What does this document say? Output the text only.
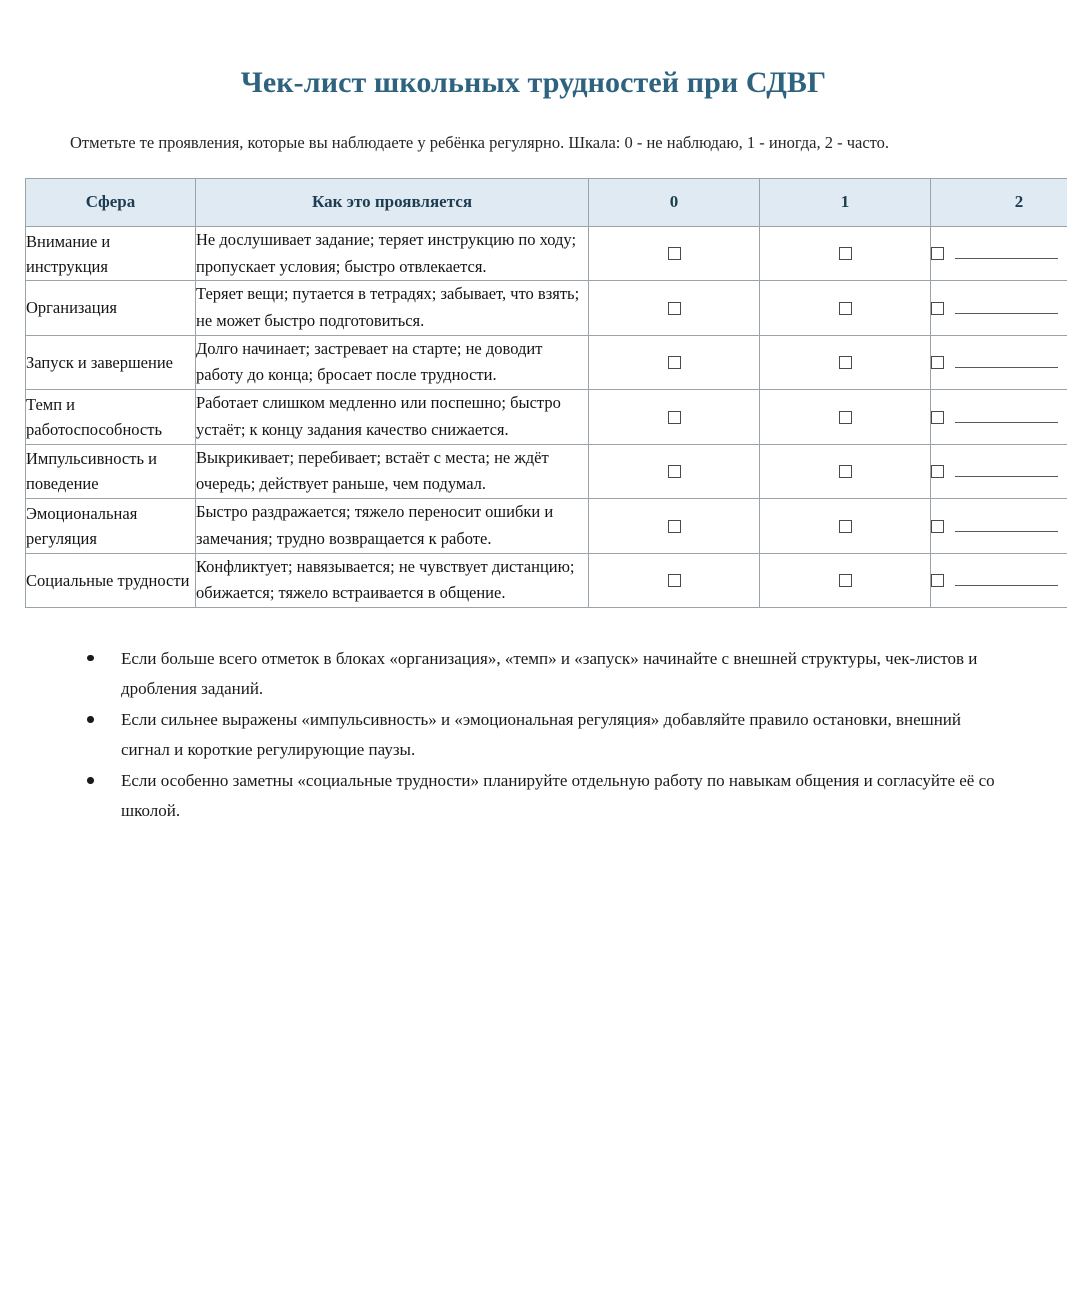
Чек-лист школьных трудностей при СДВГ

Отметьте те проявления, которые вы наблюдаете у ребёнка регулярно. Шкала: 0 - не наблюдаю, 1 - иногда, 2 - часто.

Сфера	Как это проявляется	0	1	2
Внимание и инструкция	Не дослушивает задание; теряет инструкцию по ходу; пропускает условия; быстро отвлекается.			
Организация	Теряет вещи; путается в тетрадях; забывает, что взять; не может быстро подготовиться.			
Запуск и завершение	Долго начинает; застревает на старте; не доводит работу до конца; бросает после трудности.			
Темп и работоспособность	Работает слишком медленно или поспешно; быстро устаёт; к концу задания качество снижается.			
Импульсивность и поведение	Выкрикивает; перебивает; встаёт с места; не ждёт очередь; действует раньше, чем подумал.			
Эмоциональная регуляция	Быстро раздражается; тяжело переносит ошибки и замечания; трудно возвращается к работе.			
Социальные трудности	Конфликтует; навязывается; не чувствует дистанцию; обижается; тяжело встраивается в общение.			
Если больше всего отметок в блоках «организация», «темп» и «запуск» начинайте с внешней структуры, чек-листов и дробления заданий.
Если сильнее выражены «импульсивность» и «эмоциональная регуляция» добавляйте правило остановки, внешний сигнал и короткие регулирующие паузы.
Если особенно заметны «социальные трудности» планируйте отдельную работу по навыкам общения и согласуйте её со школой.
